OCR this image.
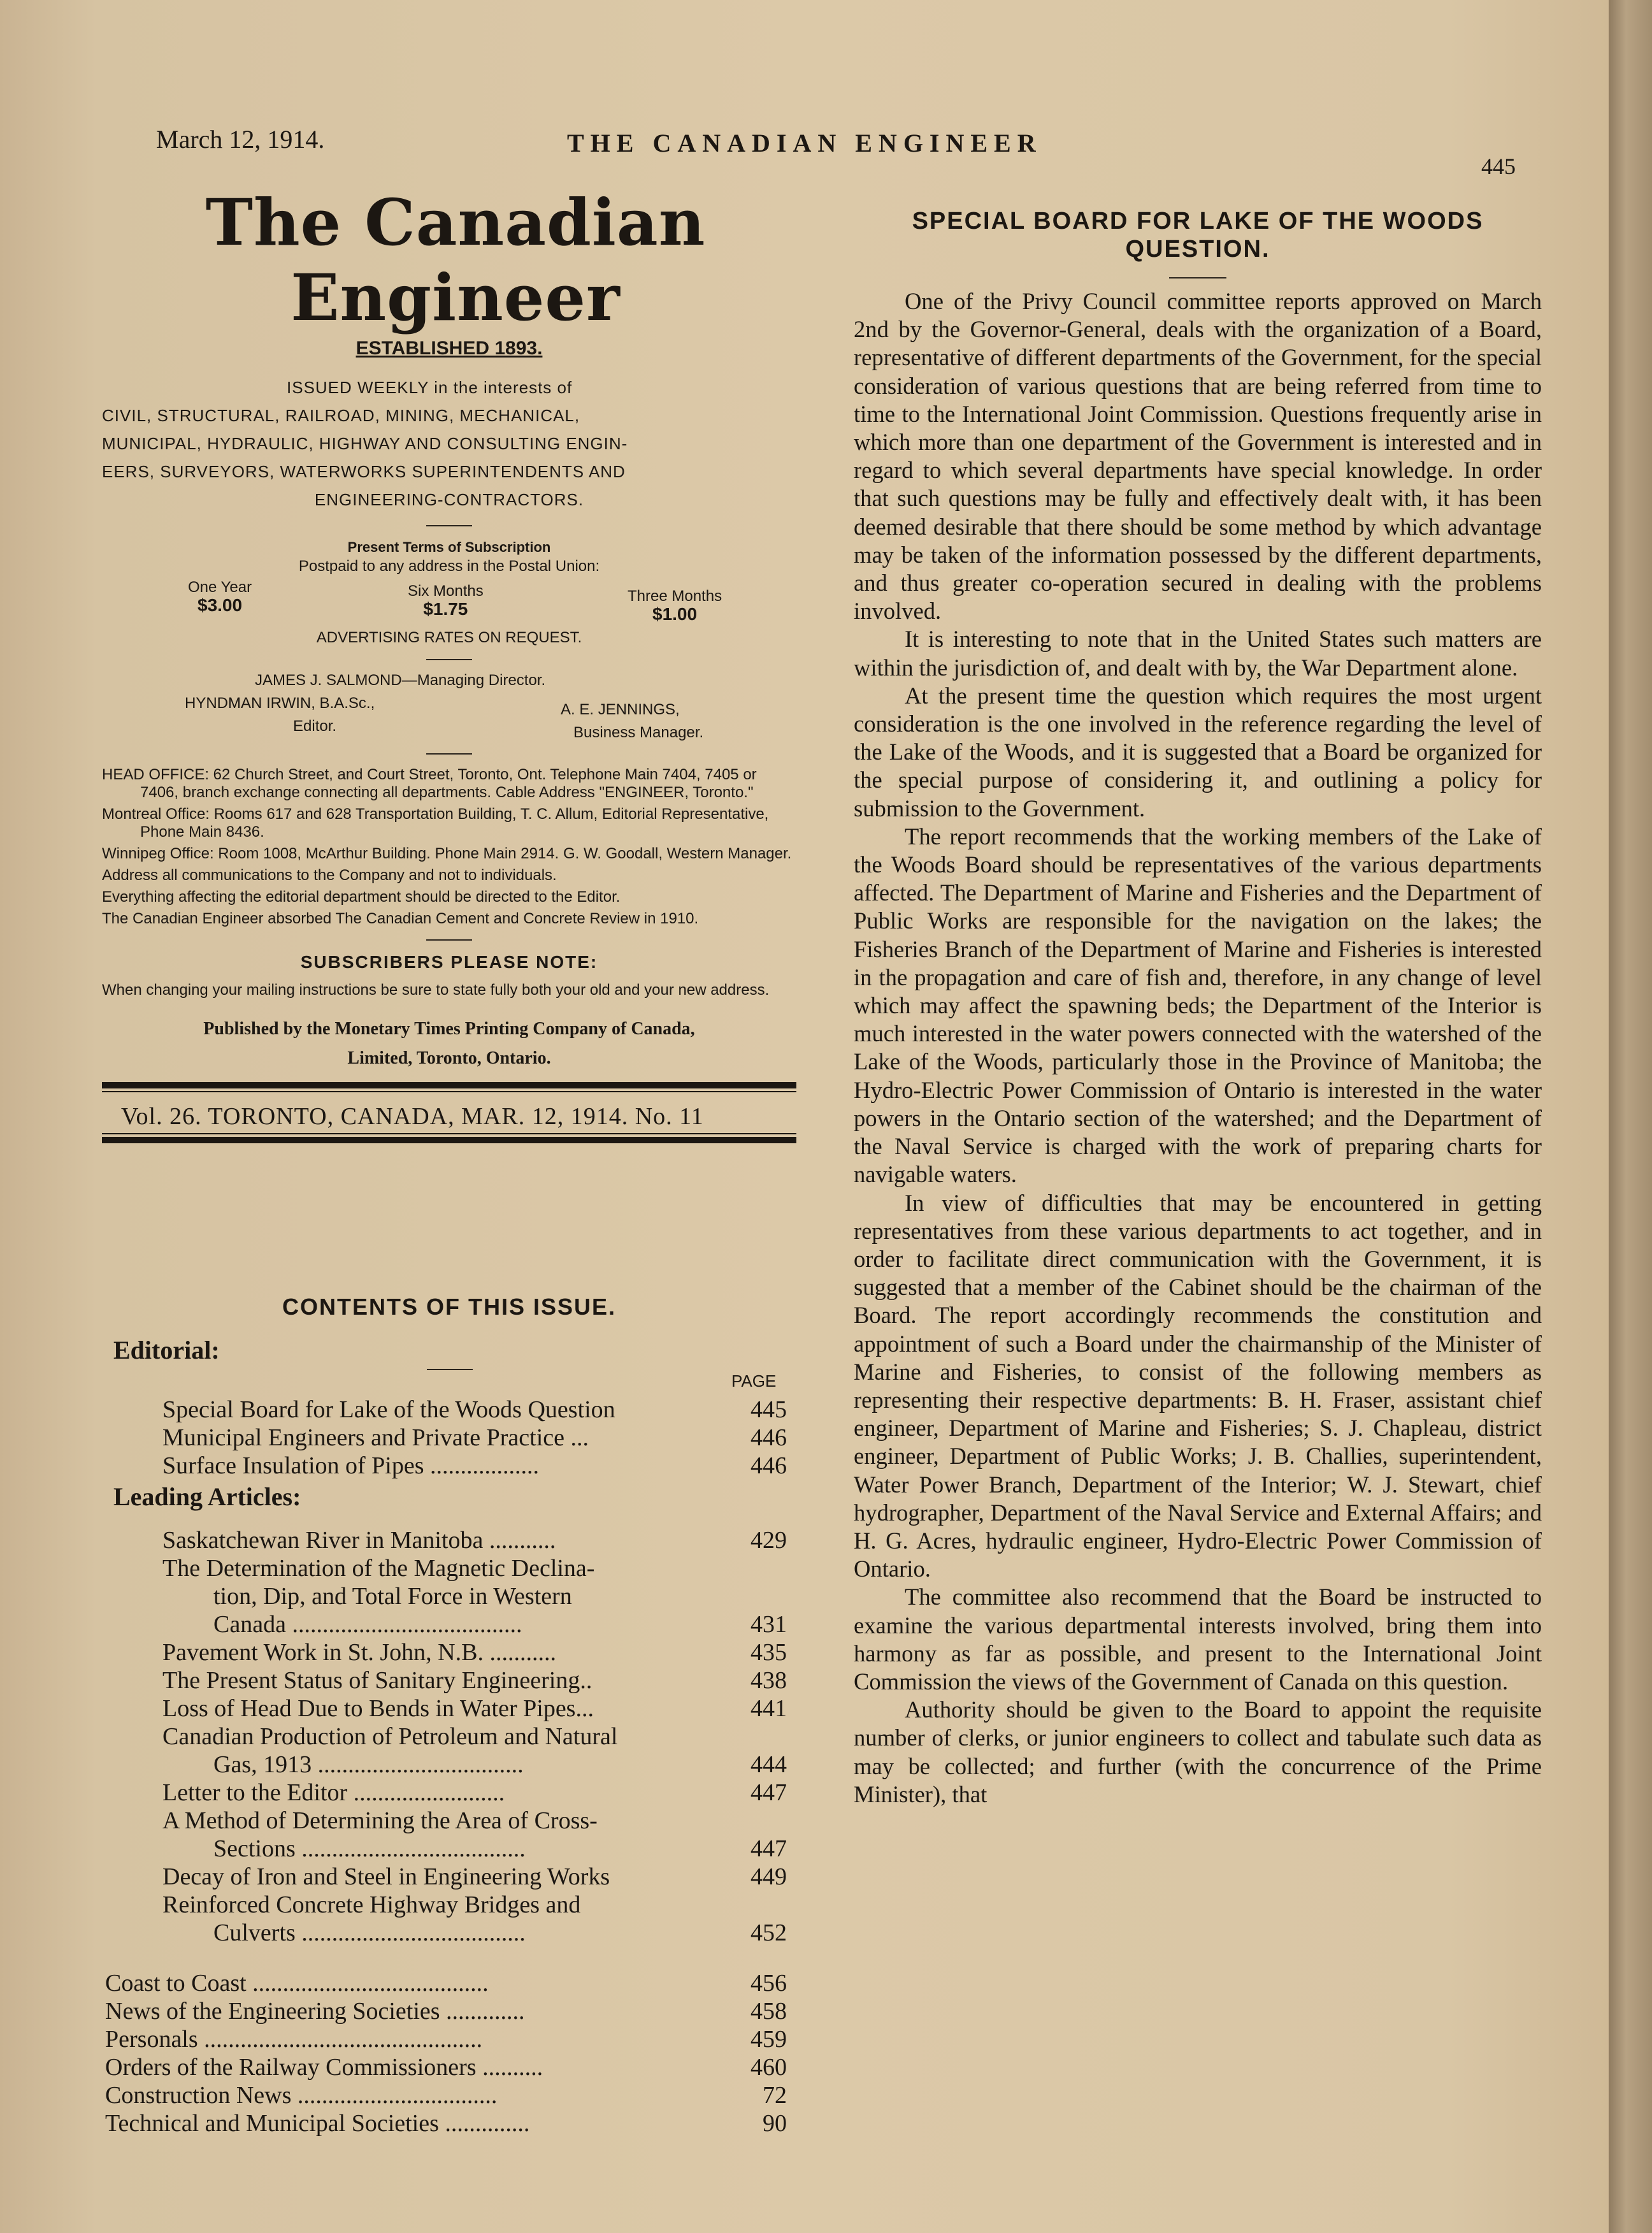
March 12, 1914.	THE CANADIAN ENGINEER
445
The Canadian Engineer
ESTABLISHED 1893.
ISSUED WEEKLY in the interests of
CIVIL, STRUCTURAL, RAILROAD, MINING, MECHANICAL,
MUNICIPAL, HYDRAULIC, HIGHWAY AND CONSULTING ENGIN-
EERS, SURVEYORS, WATERWORKS SUPERINTENDENTS AND
ENGINEERING-CONTRACTORS.
Present Terms of Subscription
Postpaid to any address in the Postal Union:
One Year
$3.00
Six Months
$1.75
Three Months
$1.00
ADVERTISING RATES ON REQUEST.
JAMES J. SALMOND—Managing Director.
HYNDMAN IRWIN, B.A.Sc.,
Editor.
A. E. JENNINGS,
Business Manager.

HEAD OFFICE: 62 Church Street, and Court Street, Toronto, Ont. Telephone Main 7404, 7405 or 7406, branch exchange connecting all departments. Cable Address "ENGINEER, Toronto."

Montreal Office: Rooms 617 and 628 Transportation Building, T. C. Allum, Editorial Representative, Phone Main 8436.

Winnipeg Office: Room 1008, McArthur Building. Phone Main 2914. G. W. Goodall, Western Manager.

Address all communications to the Company and not to individuals.

Everything affecting the editorial department should be directed to the Editor.

The Canadian Engineer absorbed The Canadian Cement and Concrete Review in 1910.

SUBSCRIBERS PLEASE NOTE:
When changing your mailing instructions be sure to state fully both your old and your new address.
Published by the Monetary Times Printing Company of Canada,
Limited, Toronto, Ontario.
Vol. 26. TORONTO, CANADA, MAR. 12, 1914. No. 11
CONTENTS OF THIS ISSUE.
Editorial:
PAGE
Special Board for Lake of the Woods Question	445
Municipal Engineers and Private Practice ...	446
Surface Insulation of Pipes ..................	446
Leading Articles:
Saskatchewan River in Manitoba ...........	429
The Determination of the Magnetic Declina-
tion, Dip, and Total Force in Western
Canada ......................................	431
Pavement Work in St. John, N.B. ...........	435
The Present Status of Sanitary Engineering..	438
Loss of Head Due to Bends in Water Pipes...	441
Canadian Production of Petroleum and Natural
Gas, 1913 ..................................	444
Letter to the Editor .........................	447
A Method of Determining the Area of Cross-
Sections .....................................	447
Decay of Iron and Steel in Engineering Works	449
Reinforced Concrete Highway Bridges and
Culverts .....................................	452
Coast to Coast .......................................	456
News of the Engineering Societies .............	458
Personals ..............................................	459
Orders of the Railway Commissioners ..........	460
Construction News .................................	72
Technical and Municipal Societies ..............	90
SPECIAL BOARD FOR LAKE OF THE WOODS
QUESTION.

One of the Privy Council committee reports approved on March 2nd by the Governor-General, deals with the organization of a Board, representative of different departments of the Government, for the special consideration of various questions that are being referred from time to time to the International Joint Commission. Questions frequently arise in which more than one department of the Government is interested and in regard to which several departments have special knowledge. In order that such questions may be fully and effectively dealt with, it has been deemed desirable that there should be some method by which advantage may be taken of the information possessed by the different departments, and thus greater co-operation secured in dealing with the problems involved.

It is interesting to note that in the United States such matters are within the jurisdiction of, and dealt with by, the War Department alone.

At the present time the question which requires the most urgent consideration is the one involved in the reference regarding the level of the Lake of the Woods, and it is suggested that a Board be organized for the special purpose of considering it, and outlining a policy for submission to the Government.

The report recommends that the working members of the Lake of the Woods Board should be representatives of the various departments affected. The Department of Marine and Fisheries and the Department of Public Works are responsible for the navigation on the lakes; the Fisheries Branch of the Department of Marine and Fisheries is interested in the propagation and care of fish and, therefore, in any change of level which may affect the spawning beds; the Department of the Interior is much interested in the water powers connected with the watershed of the Lake of the Woods, particularly those in the Province of Manitoba; the Hydro-Electric Power Commission of Ontario is interested in the water powers in the Ontario section of the watershed; and the Department of the Naval Service is charged with the work of preparing charts for navigable waters.

In view of difficulties that may be encountered in getting representatives from these various departments to act together, and in order to facilitate direct communication with the Government, it is suggested that a member of the Cabinet should be the chairman of the Board. The report accordingly recommends the constitution and appointment of such a Board under the chairmanship of the Minister of Marine and Fisheries, to consist of the following members as representing their respective departments: B. H. Fraser, assistant chief engineer, Department of Marine and Fisheries; S. J. Chapleau, district engineer, Department of Public Works; J. B. Challies, superintendent, Water Power Branch, Department of the Interior; W. J. Stewart, chief hydrographer, Department of the Naval Service and External Affairs; and H. G. Acres, hydraulic engineer, Hydro-Electric Power Commission of Ontario.

The committee also recommend that the Board be instructed to examine the various departmental interests involved, bring them into harmony as far as possible, and present to the International Joint Commission the views of the Government of Canada on this question.

Authority should be given to the Board to appoint the requisite number of clerks, or junior engineers to collect and tabulate such data as may be collected; and further (with the concurrence of the Prime Minister), that
